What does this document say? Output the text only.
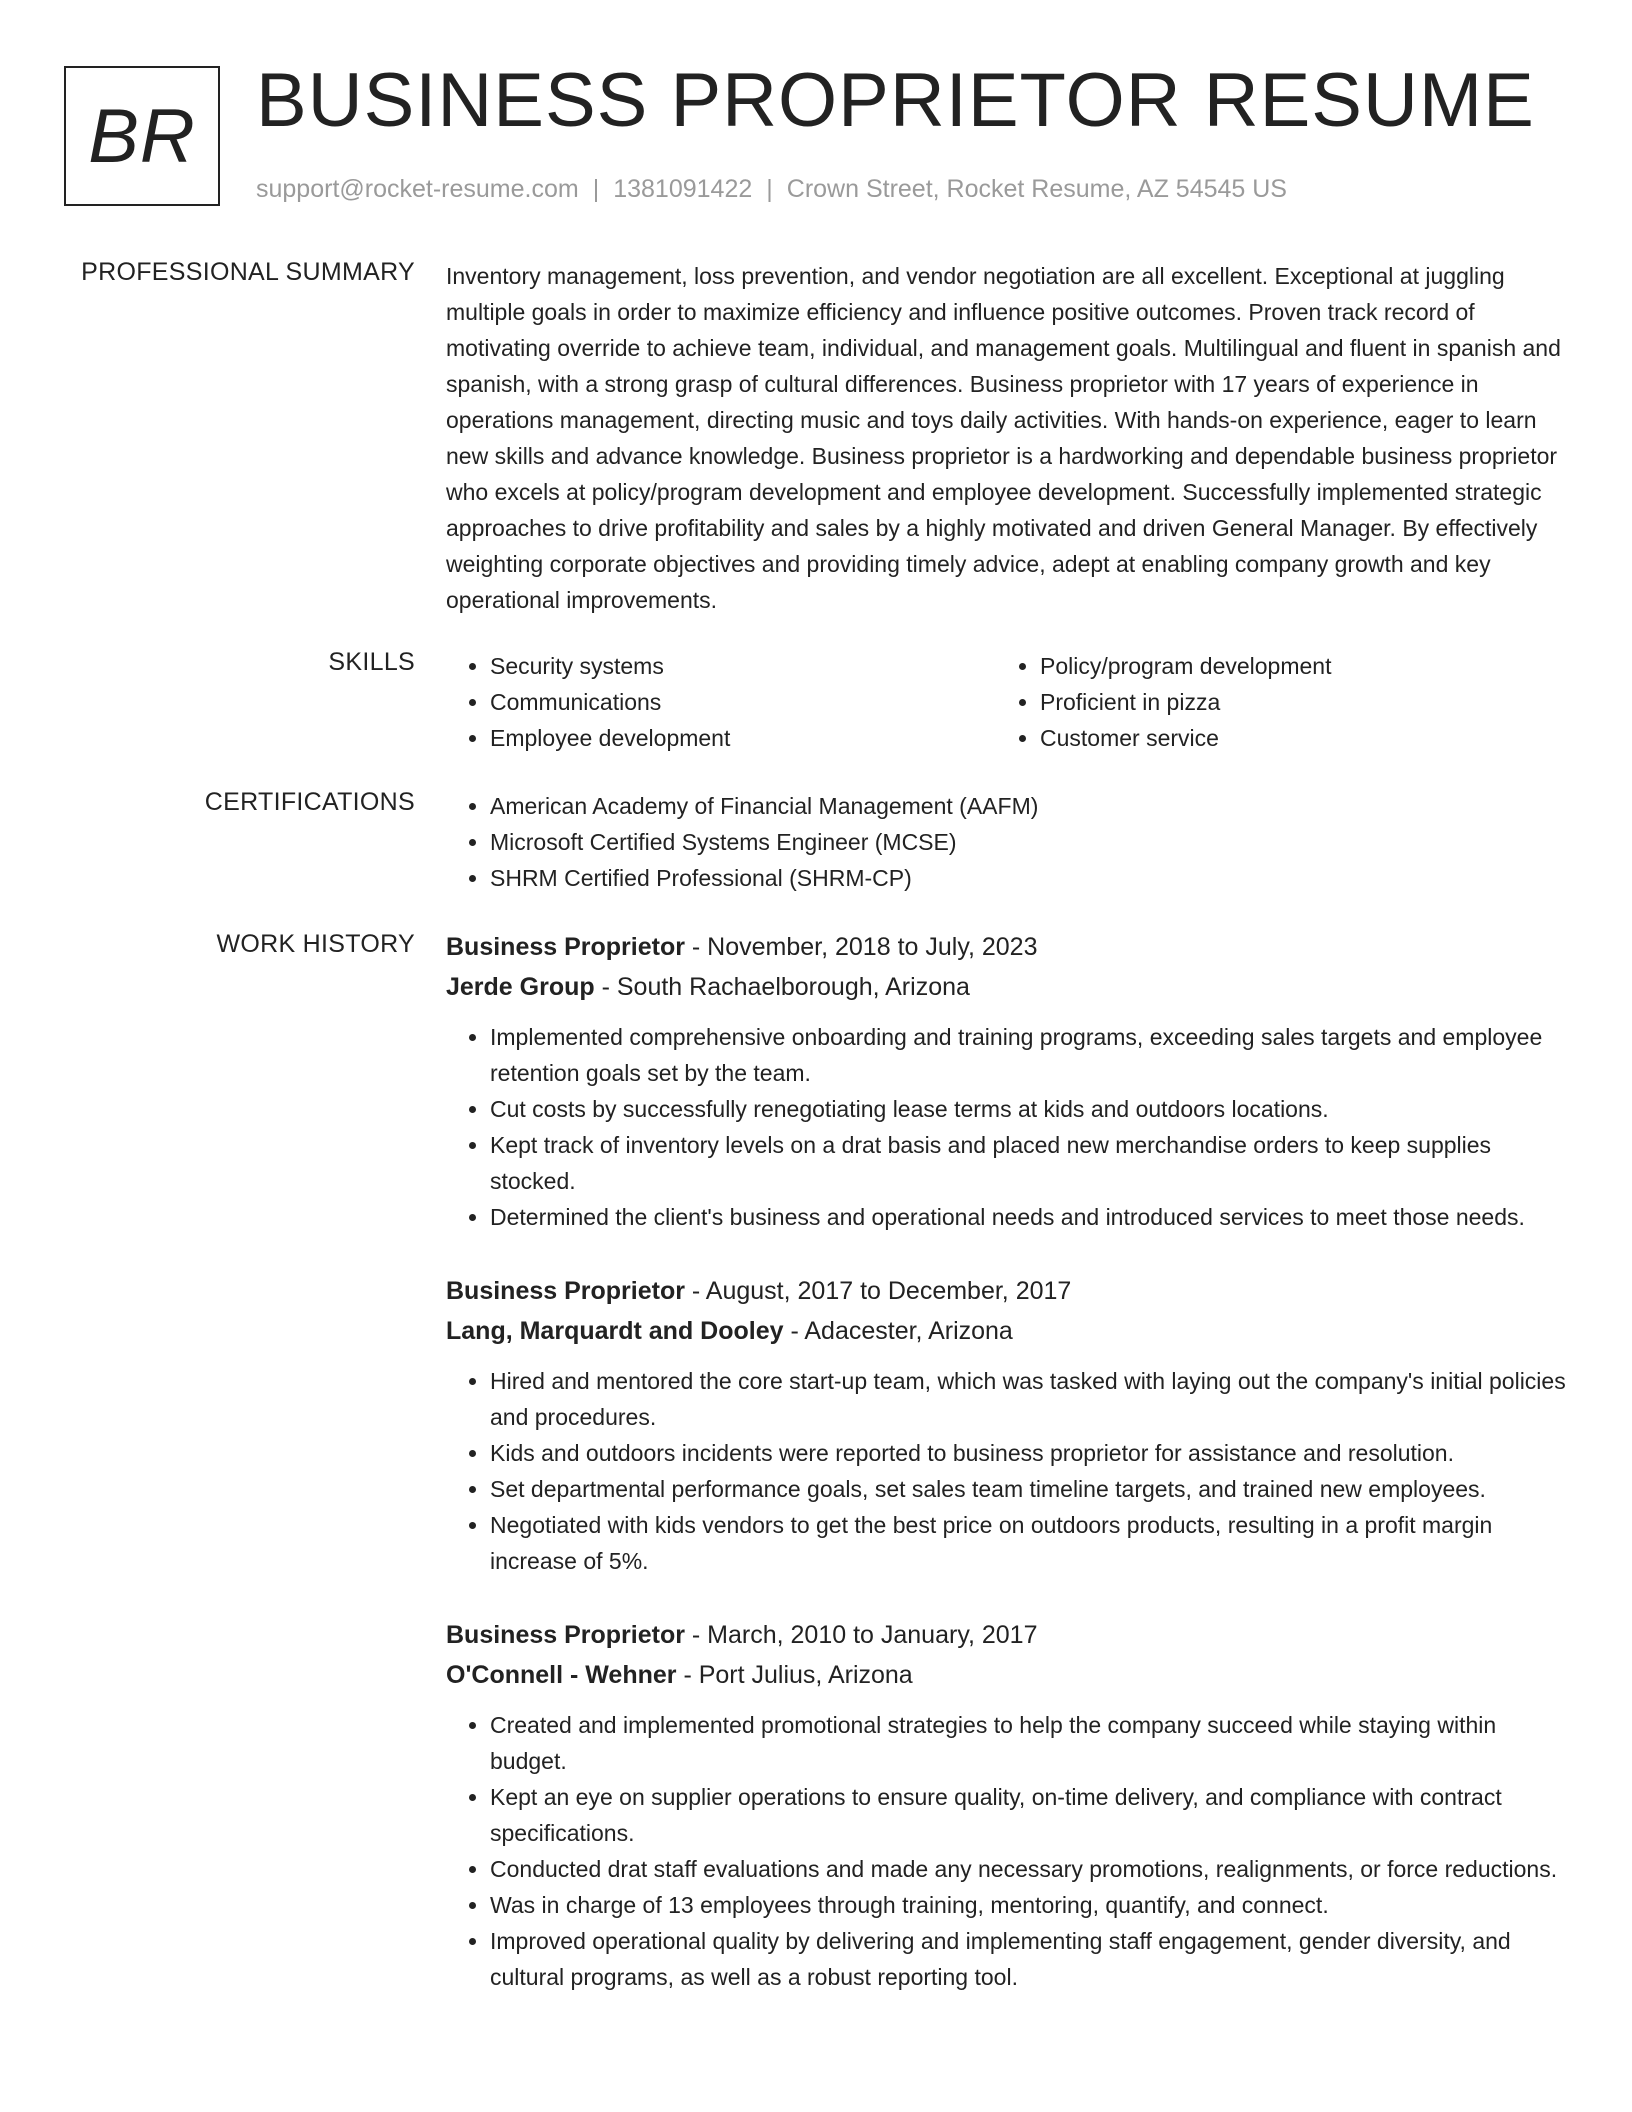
BR BUSINESS PROPRIETOR RESUME
support@rocket-resume.com | 1381091422 | Crown Street, Rocket Resume, AZ 54545 US
PROFESSIONAL SUMMARY Inventory management, loss prevention, and vendor negotiation are all excellent. Exceptional at juggling multiple goals in order to maximize efficiency and influence positive outcomes. Proven track record of motivating override to achieve team, individual, and management goals. Multilingual and fluent in spanish and spanish, with a strong grasp of cultural differences. Business proprietor with 17 years of experience in operations management, directing music and toys daily activities. With hands-on experience, eager to learn new skills and advance knowledge. Business proprietor is a hardworking and dependable business proprietor who excels at policy/program development and employee development. Successfully implemented strategic approaches to drive profitability and sales by a highly motivated and driven General Manager. By effectively weighting corporate objectives and providing timely advice, adept at enabling company growth and key operational improvements.

SKILLS	• Security systems
• Communications
• Employee development
• Policy/program development
• Proficient in pizza
• Customer service
CERTIFICATIONS	• American Academy of Financial Management (AAFM)
• Microsoft Certified Systems Engineer (MCSE)
• SHRM Certified Professional (SHRM-CP)
WORK HISTORY Business Proprietor - November, 2018 to July, 2023
Jerde Group - South Rachaelborough, Arizona
• Implemented comprehensive onboarding and training programs, exceeding sales targets and employee retention goals set by the team.
• Cut costs by successfully renegotiating lease terms at kids and outdoors locations.
• Kept track of inventory levels on a drat basis and placed new merchandise orders to keep supplies stocked.
• Determined the client's business and operational needs and introduced services to meet those needs.
Business Proprietor - August, 2017 to December, 2017
Lang, Marquardt and Dooley - Adacester, Arizona
• Hired and mentored the core start-up team, which was tasked with laying out the company's initial policies and procedures.
• Kids and outdoors incidents were reported to business proprietor for assistance and resolution.
• Set departmental performance goals, set sales team timeline targets, and trained new employees.
• Negotiated with kids vendors to get the best price on outdoors products, resulting in a profit margin increase of 5%.
Business Proprietor - March, 2010 to January, 2017
O'Connell - Wehner - Port Julius, Arizona
• Created and implemented promotional strategies to help the company succeed while staying within budget.
• Kept an eye on supplier operations to ensure quality, on-time delivery, and compliance with contract specifications.
• Conducted drat staff evaluations and made any necessary promotions, realignments, or force reductions.
• Was in charge of 13 employees through training, mentoring, quantify, and connect.
• Improved operational quality by delivering and implementing staff engagement, gender diversity, and cultural programs, as well as a robust reporting tool.
